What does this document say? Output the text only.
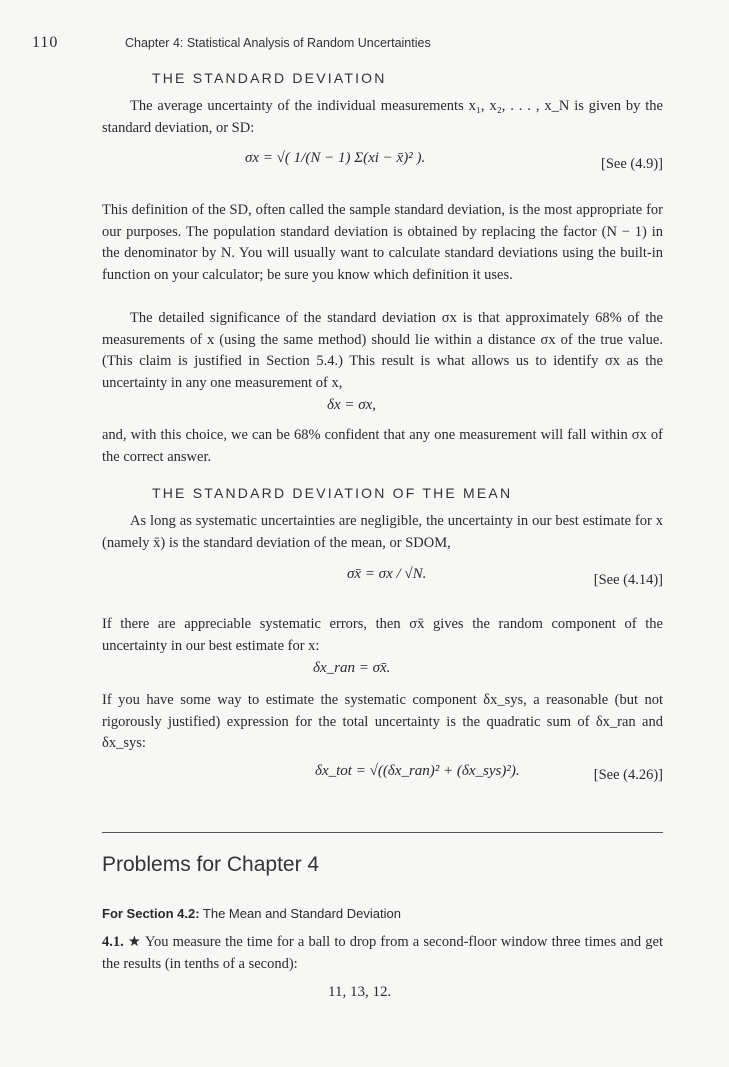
110	Chapter 4: Statistical Analysis of Random Uncertainties
THE STANDARD DEVIATION

The average uncertainty of the individual measurements x₁, x₂, . . . , x_N is given by the standard deviation, or SD:

σx = √( 1/(N − 1) Σ(xi − x̄)² ).	[See (4.9)]

This definition of the SD, often called the sample standard deviation, is the most appropriate for our purposes. The population standard deviation is obtained by replacing the factor (N − 1) in the denominator by N. You will usually want to calculate standard deviations using the built-in function on your calculator; be sure you know which definition it uses.

The detailed significance of the standard deviation σx is that approximately 68% of the measurements of x (using the same method) should lie within a distance σx of the true value. (This claim is justified in Section 5.4.) This result is what allows us to identify σx as the uncertainty in any one measurement of x,

δx = σx,

and, with this choice, we can be 68% confident that any one measurement will fall within σx of the correct answer.

THE STANDARD DEVIATION OF THE MEAN

As long as systematic uncertainties are negligible, the uncertainty in our best estimate for x (namely x̄) is the standard deviation of the mean, or SDOM,

σx̄ = σx / √N.	[See (4.14)]

If there are appreciable systematic errors, then σx̄ gives the random component of the uncertainty in our best estimate for x:

δx_ran = σx̄.

If you have some way to estimate the systematic component δx_sys, a reasonable (but not rigorously justified) expression for the total uncertainty is the quadratic sum of δx_ran and δx_sys:

δx_tot = √((δx_ran)² + (δx_sys)²).	[See (4.26)]
Problems for Chapter 4
For Section 4.2: The Mean and Standard Deviation

4.1. ★ You measure the time for a ball to drop from a second-floor window three times and get the results (in tenths of a second):

11, 13, 12.
